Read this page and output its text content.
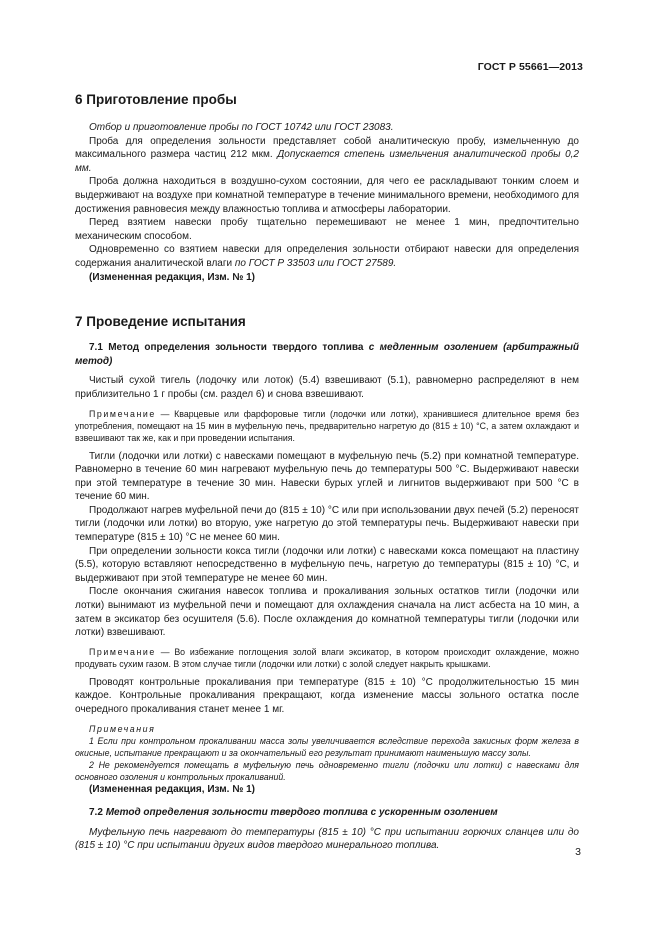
ГОСТ Р 55661—2013
6 Приготовление пробы

Отбор и приготовление пробы по ГОСТ 10742 или ГОСТ 23083.

Проба для определения зольности представляет собой аналитическую пробу, измельченную до максимального размера частиц 212 мкм. Допускается степень измельчения аналитической пробы 0,2 мм.

Проба должна находиться в воздушно-сухом состоянии, для чего ее раскладывают тонким слоем и выдерживают на воздухе при комнатной температуре в течение минимального времени, необходимого для достижения равновесия между влажностью топлива и атмосферы лаборатории.

Перед взятием навески пробу тщательно перемешивают не менее 1 мин, предпочтительно механическим способом.

Одновременно со взятием навески для определения зольности отбирают навески для определения содержания аналитической влаги по ГОСТ Р 33503 или ГОСТ 27589.

(Измененная редакция, Изм. № 1)

7 Проведение испытания

7.1 Метод определения зольности твердого топлива с медленным озолением (арбитражный метод)

Чистый сухой тигель (лодочку или лоток) (5.4) взвешивают (5.1), равномерно распределяют в нем приблизительно 1 г пробы (см. раздел 6) и снова взвешивают.

Примечание — Кварцевые или фарфоровые тигли (лодочки или лотки), хранившиеся длительное время без употребления, помещают на 15 мин в муфельную печь, предварительно нагретую до (815 ± 10) °С, а затем охлаждают и взвешивают так же, как и при проведении испытания.

Тигли (лодочки или лотки) с навесками помещают в муфельную печь (5.2) при комнатной температуре. Равномерно в течение 60 мин нагревают муфельную печь до температуры 500 °С. Выдерживают навески при этой температуре в течение 30 мин. Навески бурых углей и лигнитов выдерживают при 500 °С в течение 60 мин.

Продолжают нагрев муфельной печи до (815 ± 10) °С или при использовании двух печей (5.2) переносят тигли (лодочки или лотки) во вторую, уже нагретую до этой температуры печь. Выдерживают навески при температуре (815 ± 10) °С не менее 60 мин.

При определении зольности кокса тигли (лодочки или лотки) с навесками кокса помещают на пластину (5.5), которую вставляют непосредственно в муфельную печь, нагретую до температуры (815 ± 10) °С, и выдерживают при этой температуре не менее 60 мин.

После окончания сжигания навесок топлива и прокаливания зольных остатков тигли (лодочки или лотки) вынимают из муфельной печи и помещают для охлаждения сначала на лист асбеста на 10 мин, а затем в эксикатор без осушителя (5.6). После охлаждения до комнатной температуры тигли (лодочки или лотки) взвешивают.

Примечание — Во избежание поглощения золой влаги эксикатор, в котором происходит охлаждение, можно продувать сухим газом. В этом случае тигли (лодочки или лотки) с золой следует накрыть крышками.

Проводят контрольные прокаливания при температуре (815 ± 10) °С продолжительностью 15 мин каждое. Контрольные прокаливания прекращают, когда изменение массы зольного остатка после очередного прокаливания станет менее 1 мг.

Примечания

1 Если при контрольном прокаливании масса золы увеличивается вследствие перехода закисных форм железа в окисные, испытание прекращают и за окончательный его результат принимают наименьшую массу золы.

2 Не рекомендуется помещать в муфельную печь одновременно тигли (лодочки или лотки) с навесками для основного озоления и контрольных прокаливаний.

(Измененная редакция, Изм. № 1)

7.2 Метод определения зольности твердого топлива с ускоренным озолением

Муфельную печь нагревают до температуры (815 ± 10) °С при испытании горючих сланцев или до (815 ± 10) °С при испытании других видов твердого минерального топлива.

3
